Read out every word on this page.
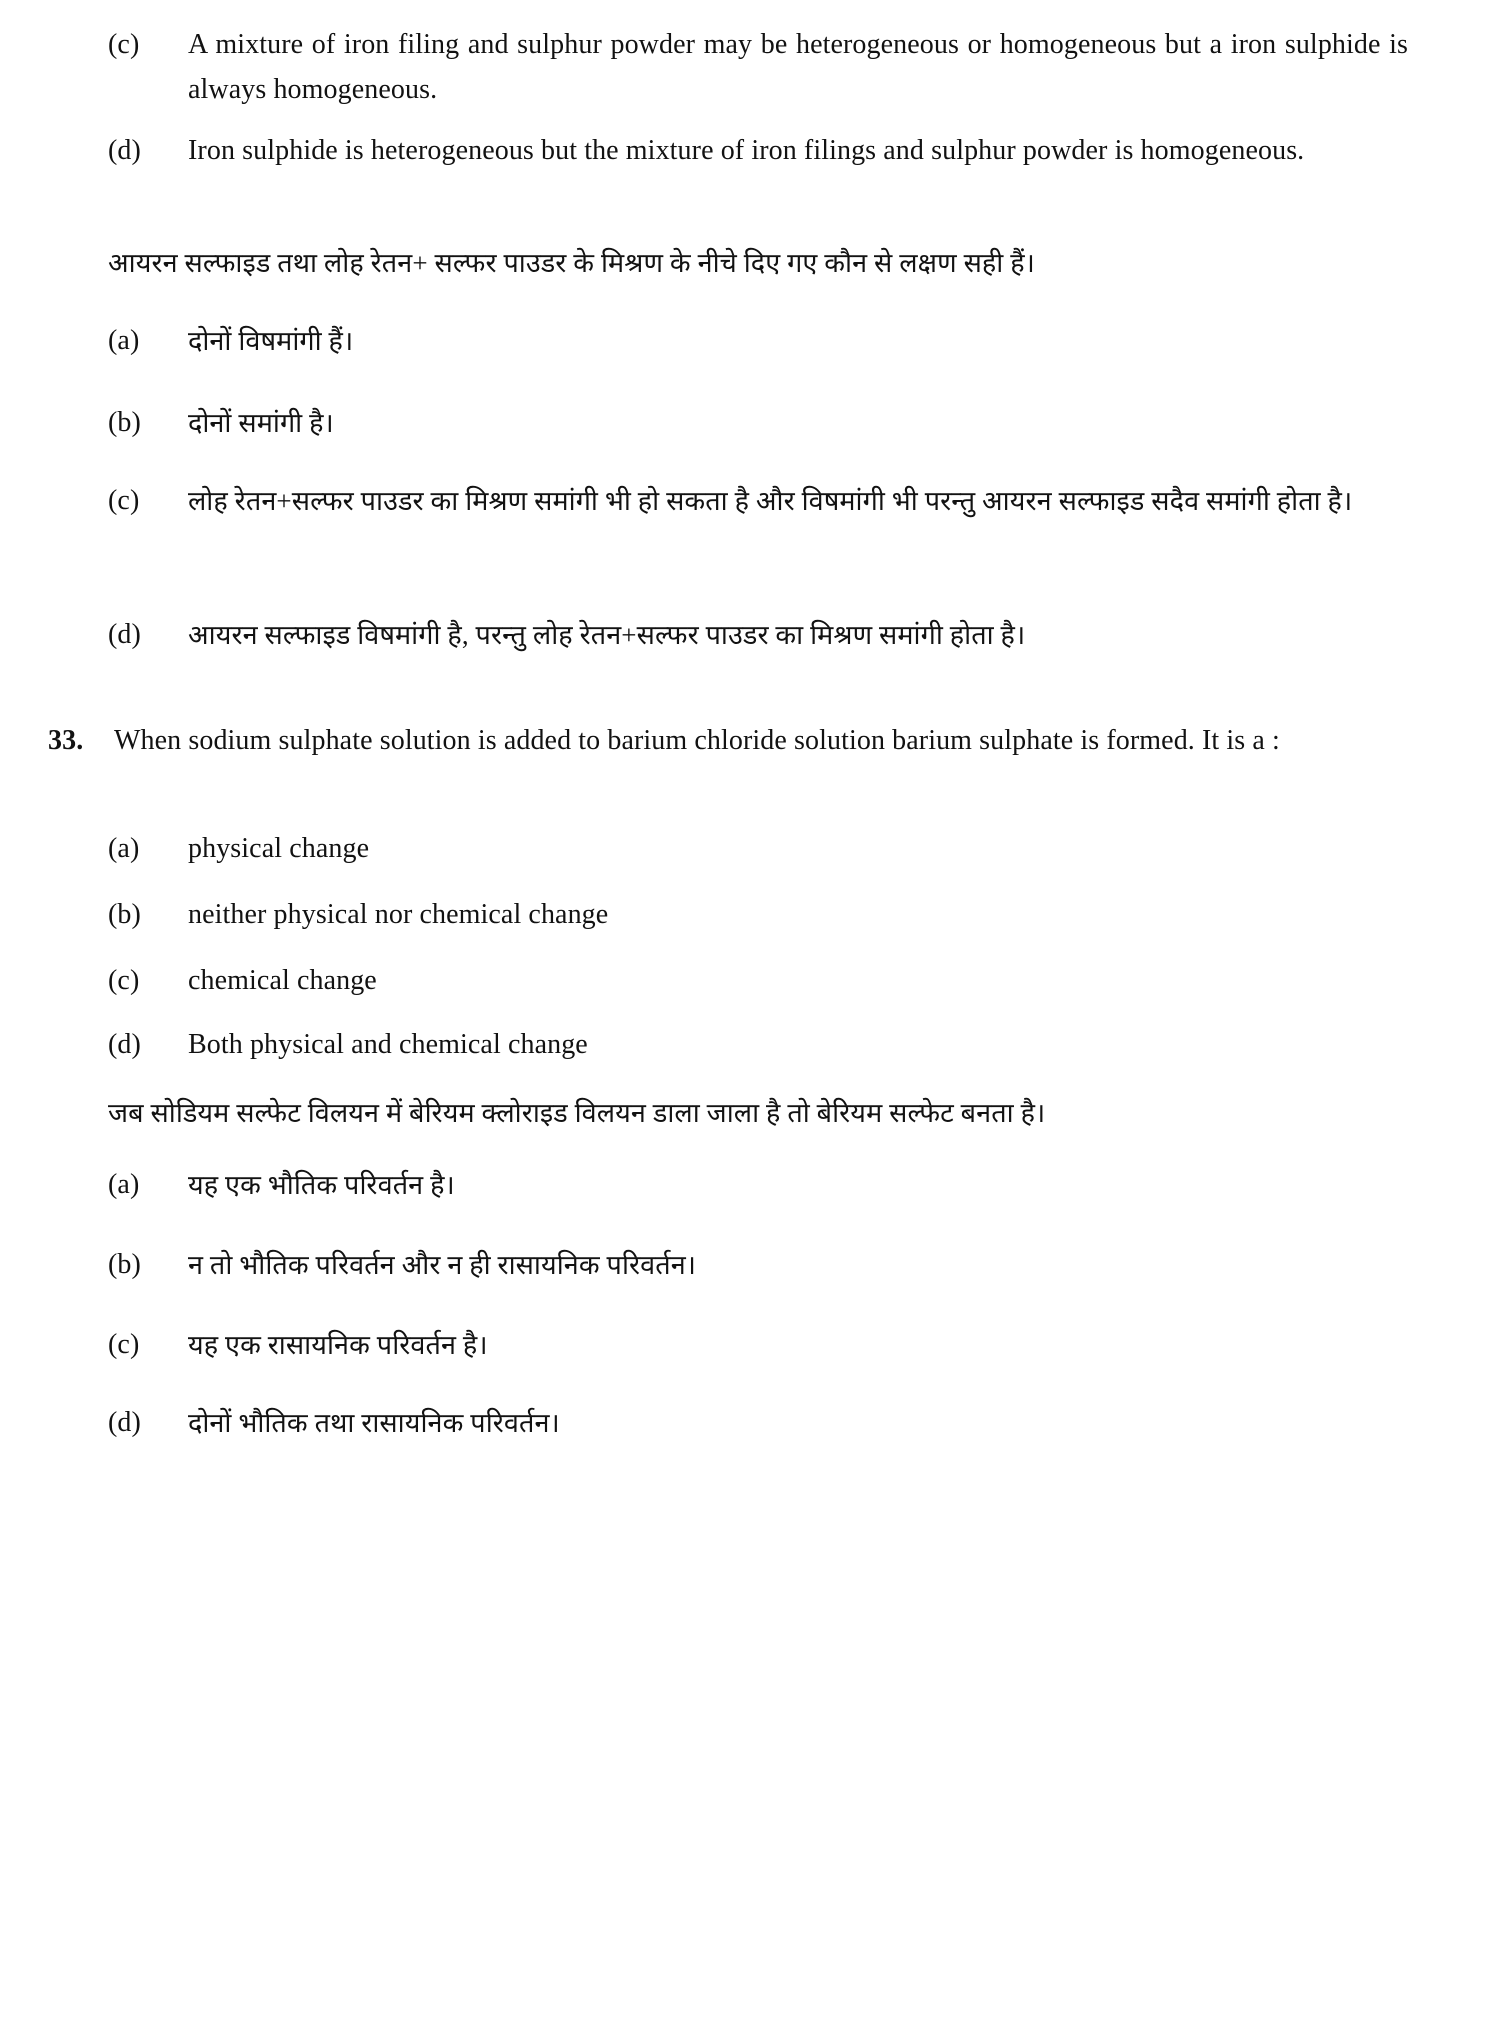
(c)	A mixture of iron filing and sulphur powder may be heterogeneous or homogeneous but a iron sulphide is always homogeneous.
(d)	Iron sulphide is heterogeneous but the mixture of iron filings and sulphur powder is homogeneous.
आयरन सल्फाइड तथा लोह रेतन+ सल्फर पाउडर के मिश्रण के नीचे दिए गए कौन से लक्षण सही हैं।
(a)	दोनों विषमांगी हैं।
(b)	दोनों समांगी है।
(c)	लोह रेतन+सल्फर पाउडर का मिश्रण समांगी भी हो सकता है और विषमांगी भी परन्तु आयरन सल्फाइड सदैव समांगी होता है।
(d)	आयरन सल्फाइड विषमांगी है, परन्तु लोह रेतन+सल्फर पाउडर का मिश्रण समांगी होता है।
33.	When sodium sulphate solution is added to barium chloride solution barium sulphate is formed. It is a :
(a)	physical change
(b)	neither physical nor chemical change
(c)	chemical change
(d)	Both physical and chemical change
जब सोडियम सल्फेट विलयन में बेरियम क्लोराइड विलयन डाला जाला है तो बेरियम सल्फेट बनता है।
(a)	यह एक भौतिक परिवर्तन है।
(b)	न तो भौतिक परिवर्तन और न ही रासायनिक परिवर्तन।
(c)	यह एक रासायनिक परिवर्तन है।
(d)	दोनों भौतिक तथा रासायनिक परिवर्तन।
